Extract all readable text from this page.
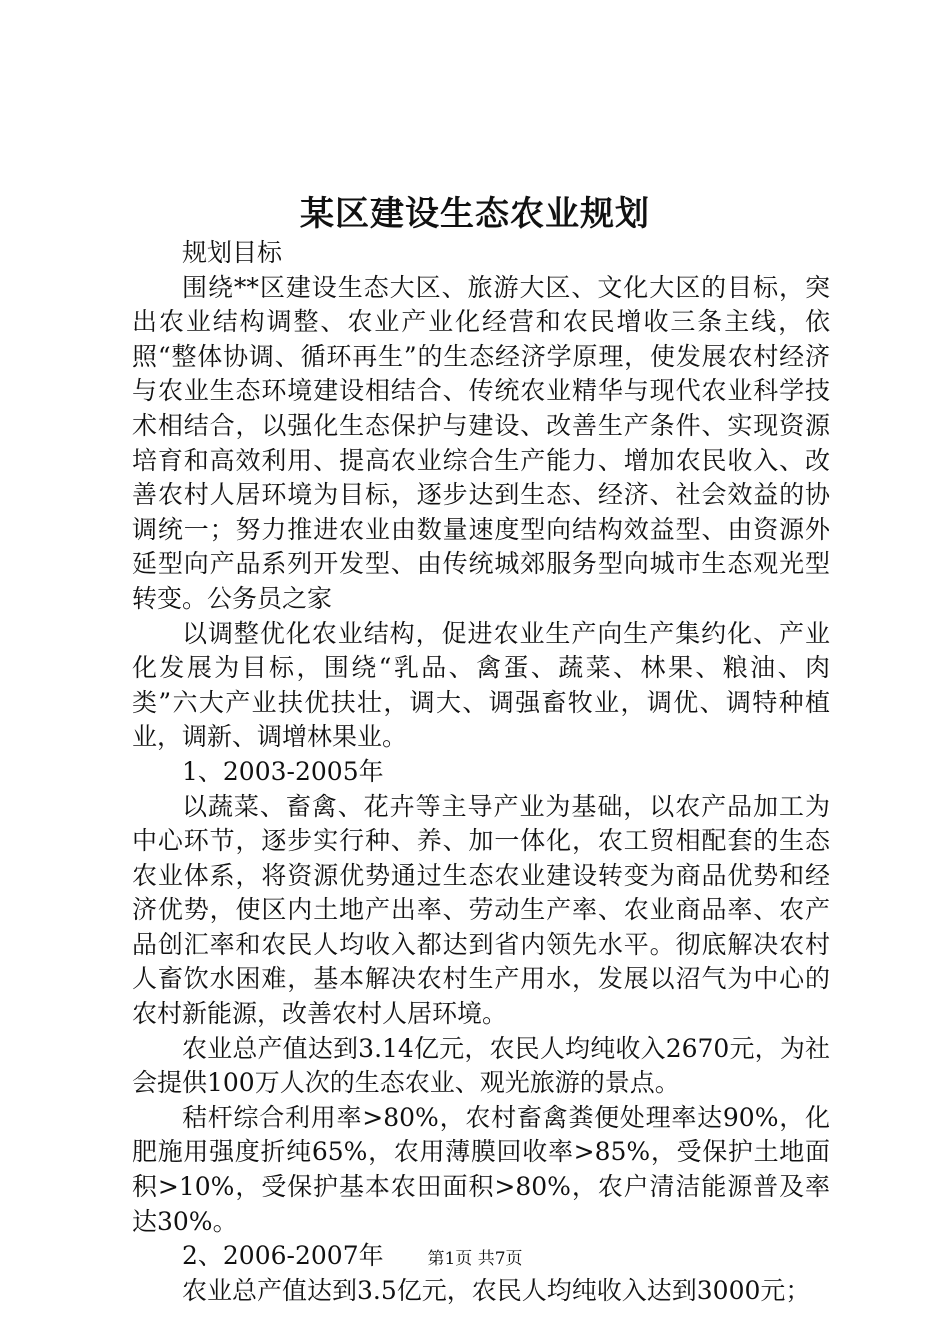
某区建设生态农业规划

规划目标

围绕**区建设生态大区、旅游大区、文化大区的目标，突出农业结构调整、农业产业化经营和农民增收三条主线，依照“整体协调、循环再生”的生态经济学原理，使发展农村经济与农业生态环境建设相结合、传统农业精华与现代农业科学技术相结合，以强化生态保护与建设、改善生产条件、实现资源培育和高效利用、提高农业综合生产能力、增加农民收入、改善农村人居环境为目标，逐步达到生态、经济、社会效益的协调统一；努力推进农业由数量速度型向结构效益型、由资源外延型向产品系列开发型、由传统城郊服务型向城市生态观光型转变。公务员之家

以调整优化农业结构，促进农业生产向生产集约化、产业化发展为目标，围绕“乳品、禽蛋、蔬菜、林果、粮油、肉类”六大产业扶优扶壮，调大、调强畜牧业，调优、调特种植业，调新、调增林果业。

1、2003-2005年

以蔬菜、畜禽、花卉等主导产业为基础，以农产品加工为中心环节，逐步实行种、养、加一体化，农工贸相配套的生态农业体系，将资源优势通过生态农业建设转变为商品优势和经济优势，使区内土地产出率、劳动生产率、农业商品率、农产品创汇率和农民人均收入都达到省内领先水平。彻底解决农村人畜饮水困难，基本解决农村生产用水，发展以沼气为中心的农村新能源，改善农村人居环境。

农业总产值达到3.14亿元，农民人均纯收入2670元，为社会提供100万人次的生态农业、观光旅游的景点。

秸杆综合利用率>80%，农村畜禽粪便处理率达90%，化肥施用强度折纯65%，农用薄膜回收率>85%，受保护土地面积>10%，受保护基本农田面积>80%，农户清洁能源普及率达30%。

2、2006-2007年

农业总产值达到3.5亿元，农民人均纯收入达到3000元；

第1页 共7页
